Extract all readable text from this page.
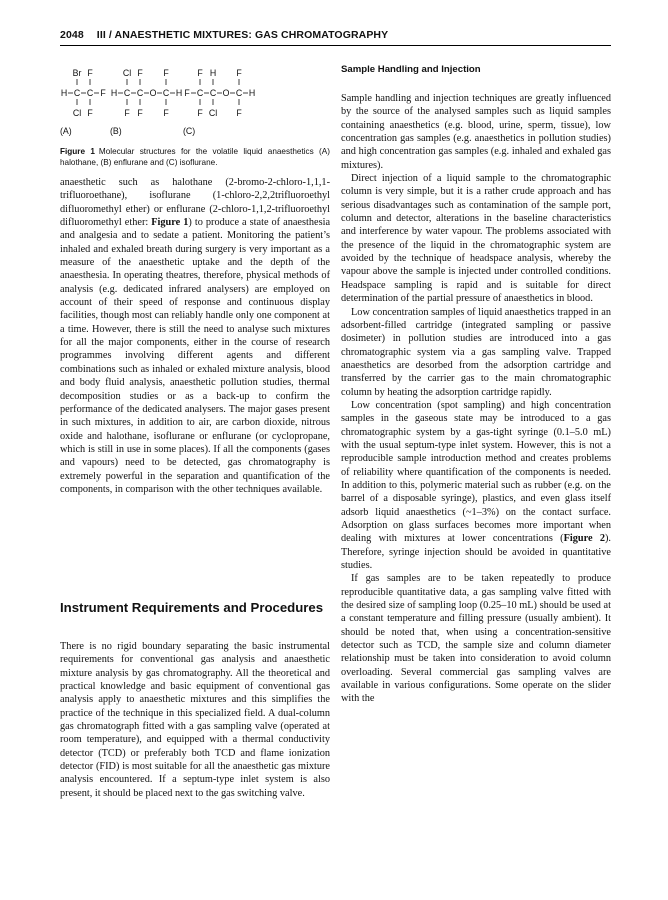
2048 III / ANAESTHETIC MIXTURES: GAS CHROMATOGRAPHY
Br F
H C C F
Cl F
(A)
Cl F F
H C C O C H
F F F
(B)
F H F
F C C O C H
F Cl F
(C)
Figure 1 Molecular structures for the volatile liquid anaesthetics (A) halothane, (B) enflurane and (C) isoflurane.

anaesthetic such as halothane (2-bromo-2-chloro-1,1,1-trifluoroethane), isoflurane (1-chloro-2,2,2trifluoroethyl difluoromethyl ether) or enflurane (2-chloro-1,1,2-trifluoroethyl difluoromethyl ether: Figure 1) to produce a state of anaesthesia and analgesia and to sedate a patient. Monitoring the patient’s inhaled and exhaled breath during surgery is very important as a measure of the anaesthetic uptake and the depth of the anaesthesia. In operating theatres, therefore, physical methods of analysis (e.g. dedicated infrared analysers) are employed on account of their speed of response and continuous display facilities, though most can reliably handle only one component at a time. However, there is still the need to analyse such mixtures for all the major components, either in the course of research programmes involving different agents and different combinations such as inhaled or exhaled mixture analysis, blood and body fluid analysis, anaesthetic pollution studies, thermal decomposition studies or as a back-up to confirm the performance of the dedicated analysers. The major gases present in such mixtures, in addition to air, are carbon dioxide, nitrous oxide and halothane, isoflurane or enflurane (or cyclopropane, which is still in use in some places). If all the components (gases and vapours) need to be detected, gas chromatography is extremely powerful in the separation and quantification of the components, in comparison with the other techniques available.

Instrument Requirements and Procedures

There is no rigid boundary separating the basic instrumental requirements for conventional gas analysis and anaesthetic mixture analysis by gas chromatography. All the theoretical and practical knowledge and basic equipment of conventional gas analysis apply to anaesthetic mixtures and this simplifies the practice of the technique in this specialized field. A dual-column gas chromatograph fitted with a gas sampling valve (operated at room temperature), and equipped with a thermal conductivity detector (TCD) or preferably both TCD and flame ionization detector (FID) is most suitable for all the anaesthetic gas mixture analysis encountered. If a septum-type inlet system is also present, it should be placed next to the gas switching valve.

Sample Handling and Injection

Sample handling and injection techniques are greatly influenced by the source of the analysed samples such as liquid samples containing anaesthetics (e.g. blood, urine, sperm, tissue), low concentration gas samples (e.g. anaesthetics in pollution studies) and high concentration gas samples (e.g. inhaled and exhaled gas mixtures).

Direct injection of a liquid sample to the chromatographic column is very simple, but it is a rather crude approach and has serious disadvantages such as contamination of the sample port, column and detector, alterations in the baseline characteristics and interference by water vapour. The problems associated with the presence of the liquid in the chromatographic system are avoided by the technique of headspace analysis, whereby the vapour above the sample is injected under controlled conditions. Headspace sampling is rapid and is suitable for direct determination of the partial pressure of anaesthetics in blood.

Low concentration samples of liquid anaesthetics trapped in an adsorbent-filled cartridge (integrated sampling or passive dosimeter) in pollution studies are introduced into a gas chromatographic system via a gas sampling valve. Trapped anaesthetics are desorbed from the adsorption cartridge and transferred by the carrier gas to the main chromatographic column by heating the adsorption cartridge rapidly.

Low concentration (spot sampling) and high concentration samples in the gaseous state may be introduced to a gas chromatographic system by a gas-tight syringe (0.1–5.0 mL) with the usual septum-type inlet system. However, this is not a reproducible sample introduction method and creates problems of reliability where quantification of the components is needed. In addition to this, polymeric material such as rubber (e.g. on the barrel of a disposable syringe), plastics, and even glass itself adsorb liquid anaesthetics (~1–3%) on the contact surface. Adsorption on glass surfaces becomes more important when dealing with mixtures at lower concentrations (Figure 2). Therefore, syringe injection should be avoided in quantitative studies.

If gas samples are to be taken repeatedly to produce reproducible quantitative data, a gas sampling valve fitted with the desired size of sampling loop (0.25–10 mL) should be used at a constant temperature and filling pressure (usually ambient). It should be noted that, when using a concentration-sensitive detector such as TCD, the sample size and column diameter relationship must be taken into consideration to avoid column overloading. Several commercial gas sampling valves are available in various configurations. Some operate on the slider with the
